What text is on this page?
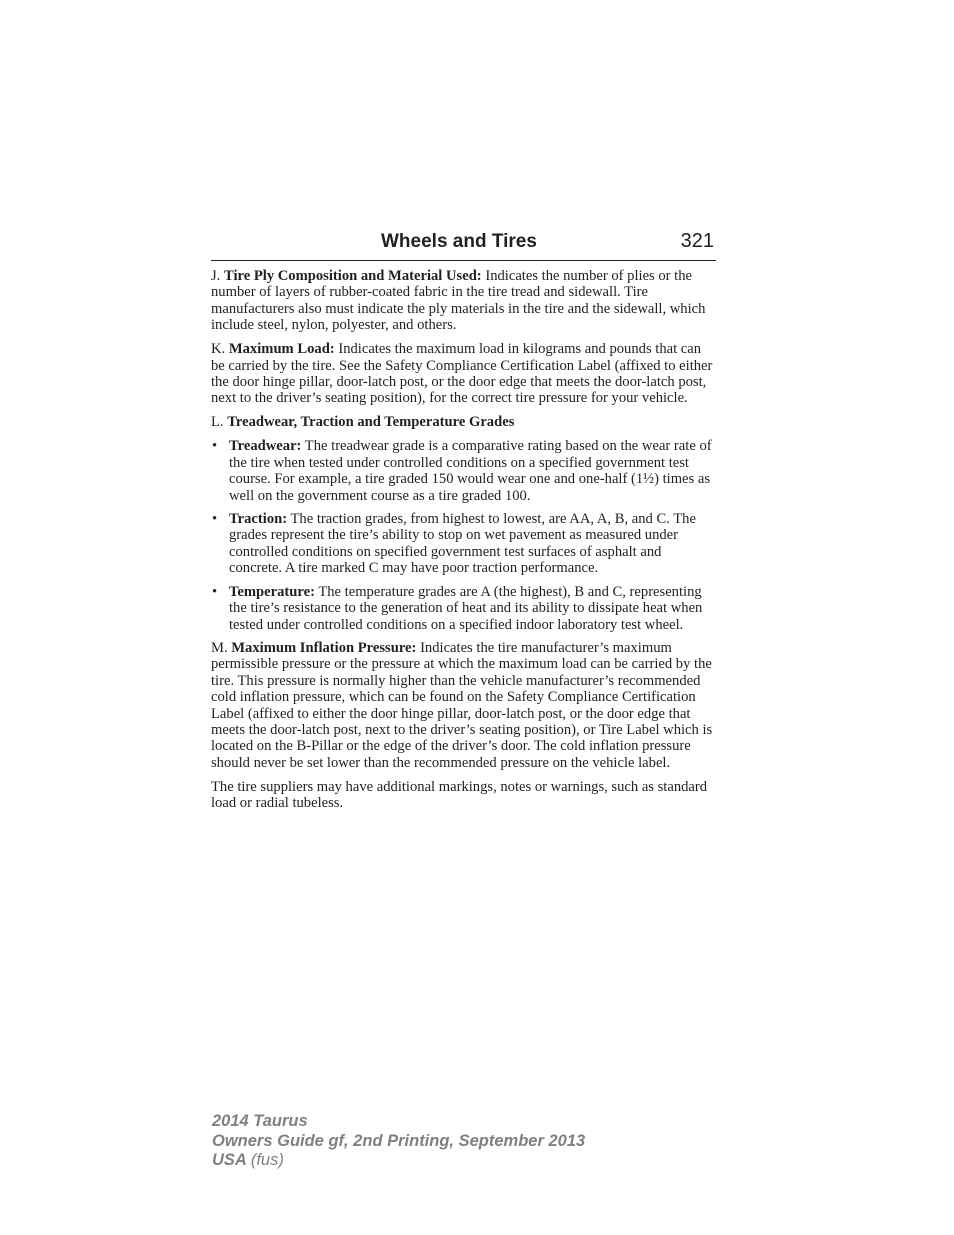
Wheels and Tires	321

J. Tire Ply Composition and Material Used: Indicates the number of plies or the number of layers of rubber-coated fabric in the tire tread and sidewall. Tire manufacturers also must indicate the ply materials in the tire and the sidewall, which include steel, nylon, polyester, and others.

K. Maximum Load: Indicates the maximum load in kilograms and pounds that can be carried by the tire. See the Safety Compliance Certification Label (affixed to either the door hinge pillar, door-latch post, or the door edge that meets the door-latch post, next to the driver’s seating position), for the correct tire pressure for your vehicle.

L. Treadwear, Traction and Temperature Grades

• Treadwear: The treadwear grade is a comparative rating based on the wear rate of the tire when tested under controlled conditions on a specified government test course. For example, a tire graded 150 would wear one and one-half (1½) times as well on the government course as a tire graded 100.
• Traction: The traction grades, from highest to lowest, are AA, A, B, and C. The grades represent the tire’s ability to stop on wet pavement as measured under controlled conditions on specified government test surfaces of asphalt and concrete. A tire marked C may have poor traction performance.
• Temperature: The temperature grades are A (the highest), B and C, representing the tire’s resistance to the generation of heat and its ability to dissipate heat when tested under controlled conditions on a specified indoor laboratory test wheel.

M. Maximum Inflation Pressure: Indicates the tire manufacturer’s maximum permissible pressure or the pressure at which the maximum load can be carried by the tire. This pressure is normally higher than the vehicle manufacturer’s recommended cold inflation pressure, which can be found on the Safety Compliance Certification Label (affixed to either the door hinge pillar, door-latch post, or the door edge that meets the door-latch post, next to the driver’s seating position), or Tire Label which is located on the B-Pillar or the edge of the driver’s door. The cold inflation pressure should never be set lower than the recommended pressure on the vehicle label.

The tire suppliers may have additional markings, notes or warnings, such as standard load or radial tubeless.

2014 Taurus
Owners Guide gf, 2nd Printing, September 2013
USA (fus)
